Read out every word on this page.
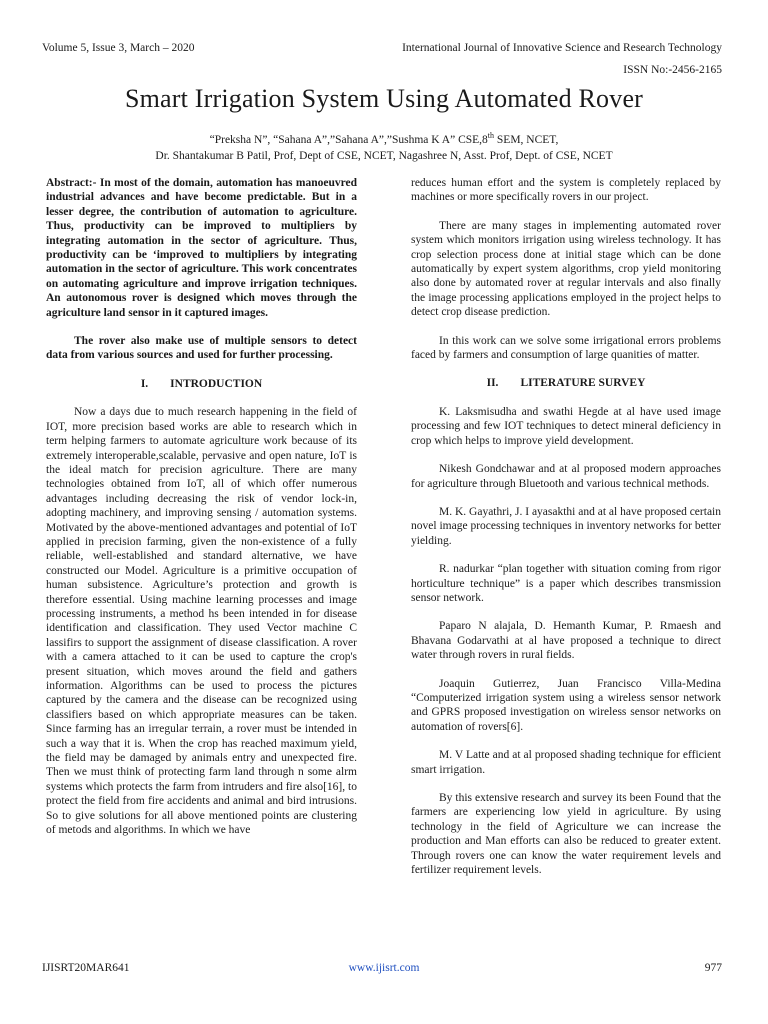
Volume 5, Issue 3, March – 2020	International Journal of Innovative Science and Research Technology
ISSN No:-2456-2165
Smart Irrigation System Using Automated Rover
“Preksha N”, “Sahana A”,”Sahana A”,”Sushma K A” CSE,8th SEM, NCET,
Dr. Shantakumar B Patil, Prof, Dept of CSE, NCET, Nagashree N, Asst. Prof, Dept. of CSE, NCET

Abstract:- In most of the domain, automation has manoeuvred industrial advances and have become predictable. But in a lesser degree, the contribution of automation to agriculture. Thus, productivity can be improved to multipliers by integrating automation in the sector of agriculture. Thus, productivity can be ‘improved to multipliers by integrating automation in the sector of agriculture. This work concentrates on automating agriculture and improve irrigation techniques. An autonomous rover is designed which moves through the agriculture land sensor in it captured images.

The rover also make use of multiple sensors to detect data from various sources and used for further processing.

I. INTRODUCTION

Now a days due to much research happening in the field of IOT, more precision based works are able to research which in term helping farmers to automate agriculture work because of its extremely interoperable,scalable, pervasive and open nature, IoT is the ideal match for precision agriculture. There are many technologies obtained from IoT, all of which offer numerous advantages including decreasing the risk of vendor lock-in, adopting machinery, and improving sensing / automation systems. Motivated by the above-mentioned advantages and potential of IoT applied in precision farming, given the non-existence of a fully reliable, well-established and standard alternative, we have constructed our Model. Agriculture is a primitive occupation of human subsistence. Agriculture’s protection and growth is therefore essential. Using machine learning processes and image processing instruments, a method hs been intended in for disease identification and classification. They used Vector machine C lassifirs to support the assignment of disease classification. A rover with a camera attached to it can be used to capture the crop's present situation, which moves around the field and gathers information. Algorithms can be used to process the pictures captured by the camera and the disease can be recognized using classifiers based on which appropriate measures can be taken. Since farming has an irregular terrain, a rover must be intended in such a way that it is. When the crop has reached maximum yield, the field may be damaged by animals entry and unexpected fire. Then we must think of protecting farm land through n some alrm systems which protects the farm from intruders and fire also[16], to protect the field from fire accidents and animal and bird intrusions. So to give solutions for all above mentioned points are clustering of metods and algorithms. In which we have

reduces human effort and the system is completely replaced by machines or more specifically rovers in our project.

There are many stages in implementing automated rover system which monitors irrigation using wireless technology. It has crop selection process done at initial stage which can be done automatically by expert system algorithms, crop yield monitoring also done by automated rover at regular intervals and also finally the image processing applications employed in the project helps to detect crop disease prediction.

In this work can we solve some irrigational errors problems faced by farmers and consumption of large quanities of matter.

II. LITERATURE SURVEY

K. Laksmisudha and swathi Hegde at al have used image processing and few IOT techniques to detect mineral deficiency in crop which helps to improve yield development.

Nikesh Gondchawar and at al proposed modern approaches for agriculture through Bluetooth and various technical methods.

M. K. Gayathri, J. I ayasakthi and at al have proposed certain novel image processing techniques in inventory networks for better yielding.

R. nadurkar “plan together with situation coming from rigor horticulture technique” is a paper which describes transmission sensor network.

Paparo N alajala, D. Hemanth Kumar, P. Rmaesh and Bhavana Godarvathi at al have proposed a technique to direct water through rovers in rural fields.

Joaquin Gutierrez, Juan Francisco Villa-Medina “Computerized irrigation system using a wireless sensor network and GPRS proposed investigation on wireless sensor networks on automation of rovers[6].

M. V Latte and at al proposed shading technique for efficient smart irrigation.

By this extensive research and survey its been Found that the farmers are experiencing low yield in agriculture. By using technology in the field of Agriculture we can increase the production and Man efforts can also be reduced to greater extent. Through rovers one can know the water requirement levels and fertilizer requirement levels.

IJISRT20MAR641	www.ijisrt.com	977
